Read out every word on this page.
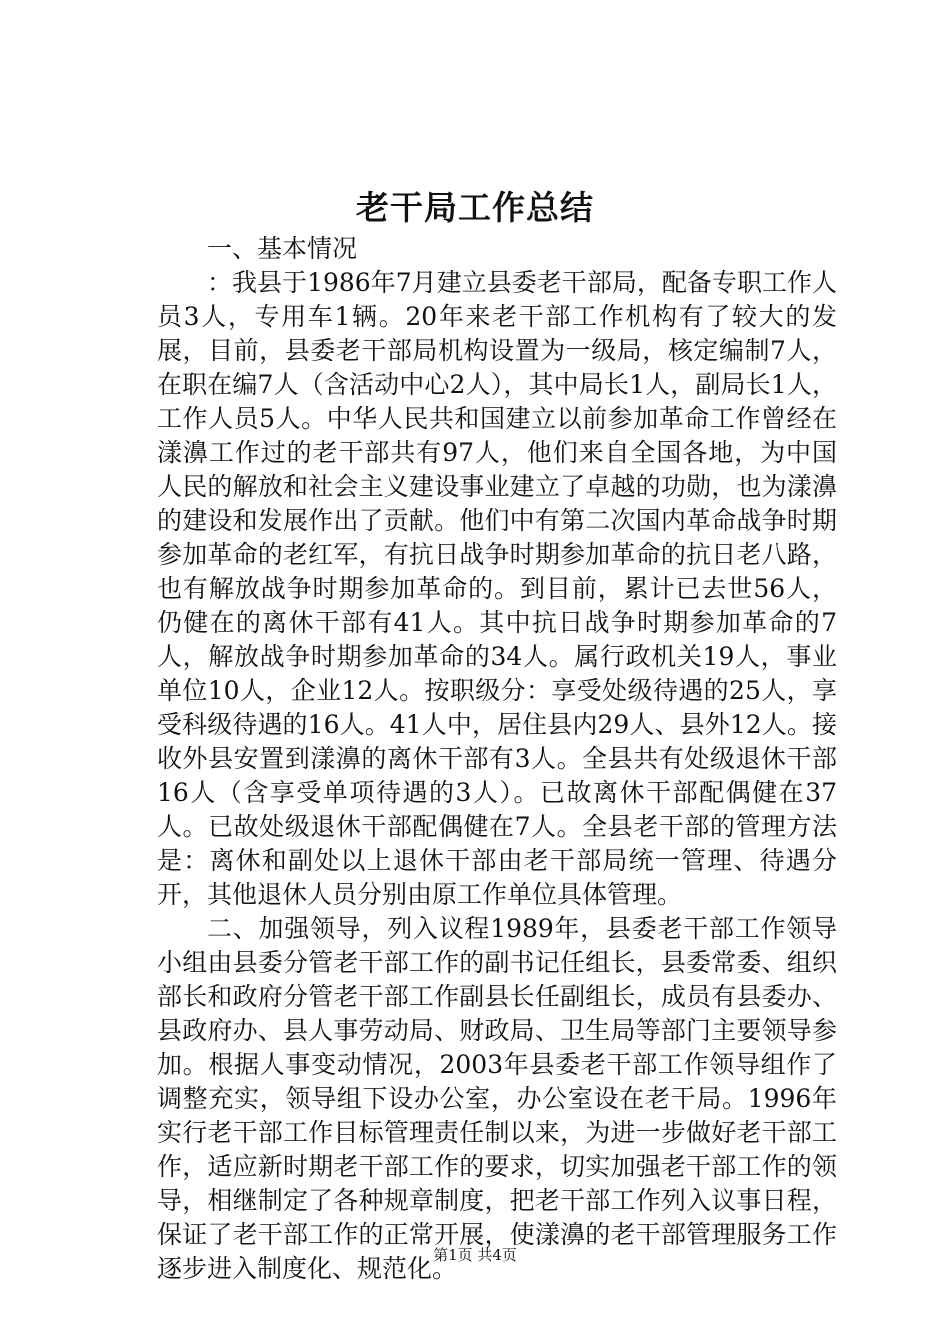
老干局工作总结

一、基本情况

：我县于1986年7月建立县委老干部局，配备专职工作人员3人，专用车1辆。20年来老干部工作机构有了较大的发展，目前，县委老干部局机构设置为一级局，核定编制7人，在职在编7人（含活动中心2人），其中局长1人，副局长1人，工作人员5人。中华人民共和国建立以前参加革命工作曾经在漾濞工作过的老干部共有97人，他们来自全国各地，为中国人民的解放和社会主义建设事业建立了卓越的功勋，也为漾濞的建设和发展作出了贡献。他们中有第二次国内革命战争时期参加革命的老红军，有抗日战争时期参加革命的抗日老八路，也有解放战争时期参加革命的。到目前，累计已去世56人，仍健在的离休干部有41人。其中抗日战争时期参加革命的7人，解放战争时期参加革命的34人。属行政机关19人，事业单位10人，企业12人。按职级分：享受处级待遇的25人，享受科级待遇的16人。41人中，居住县内29人、县外12人。接收外县安置到漾濞的离休干部有3人。全县共有处级退休干部16人（含享受单项待遇的3人）。已故离休干部配偶健在37人。已故处级退休干部配偶健在7人。全县老干部的管理方法是：离休和副处以上退休干部由老干部局统一管理、待遇分开，其他退休人员分别由原工作单位具体管理。

二、加强领导，列入议程1989年，县委老干部工作领导小组由县委分管老干部工作的副书记任组长，县委常委、组织部长和政府分管老干部工作副县长任副组长，成员有县委办、县政府办、县人事劳动局、财政局、卫生局等部门主要领导参加。根据人事变动情况，2003年县委老干部工作领导组作了调整充实，领导组下设办公室，办公室设在老干局。1996年实行老干部工作目标管理责任制以来，为进一步做好老干部工作，适应新时期老干部工作的要求，切实加强老干部工作的领导，相继制定了各种规章制度，把老干部工作列入议事日程，保证了老干部工作的正常开展，使漾濞的老干部管理服务工作逐步进入制度化、规范化。

第1页 共4页
